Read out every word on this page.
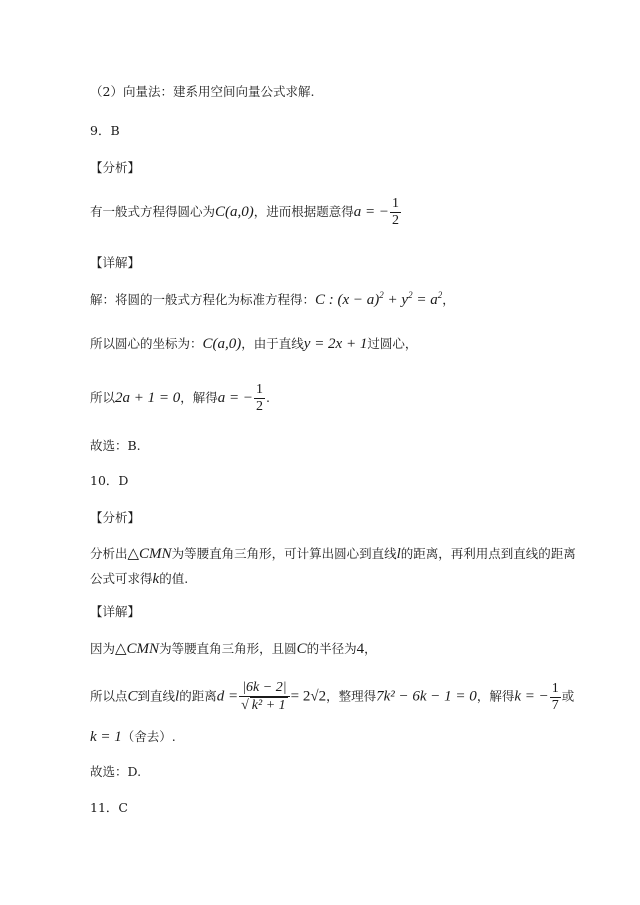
（2）向量法：建系用空间向量公式求解.
9．B
【分析】
有一般式方程得圆心为C(a,0)，进而根据题意得a = − $\frac{1}{2}$
【详解】
解：将圆的一般式方程化为标准方程得：C : $(x - a)^2 + y^2 = a^2$，
所以圆心的坐标为：C(a,0)，由于直线y = 2x + 1过圆心，
所以2a + 1 = 0，解得a = − $\frac{1}{2}$ .
故选：B.
10．D
【分析】
分析出△CMN为等腰直角三角形，可计算出圆心到直线l的距离，再利用点到直线的距离
公式可求得k的值.
【详解】
因为△CMN为等腰直角三角形，且圆C的半径为4，
所以点C到直线l的距离$d = \frac{|6k - 2|}{\text{√ k² + 1}} = 2√2$，整理得7k² − 6k − 1 = 0，解得k = − $\frac{1}{7}$ 或
k = 1（舍去）.
故选：D.
11．C
